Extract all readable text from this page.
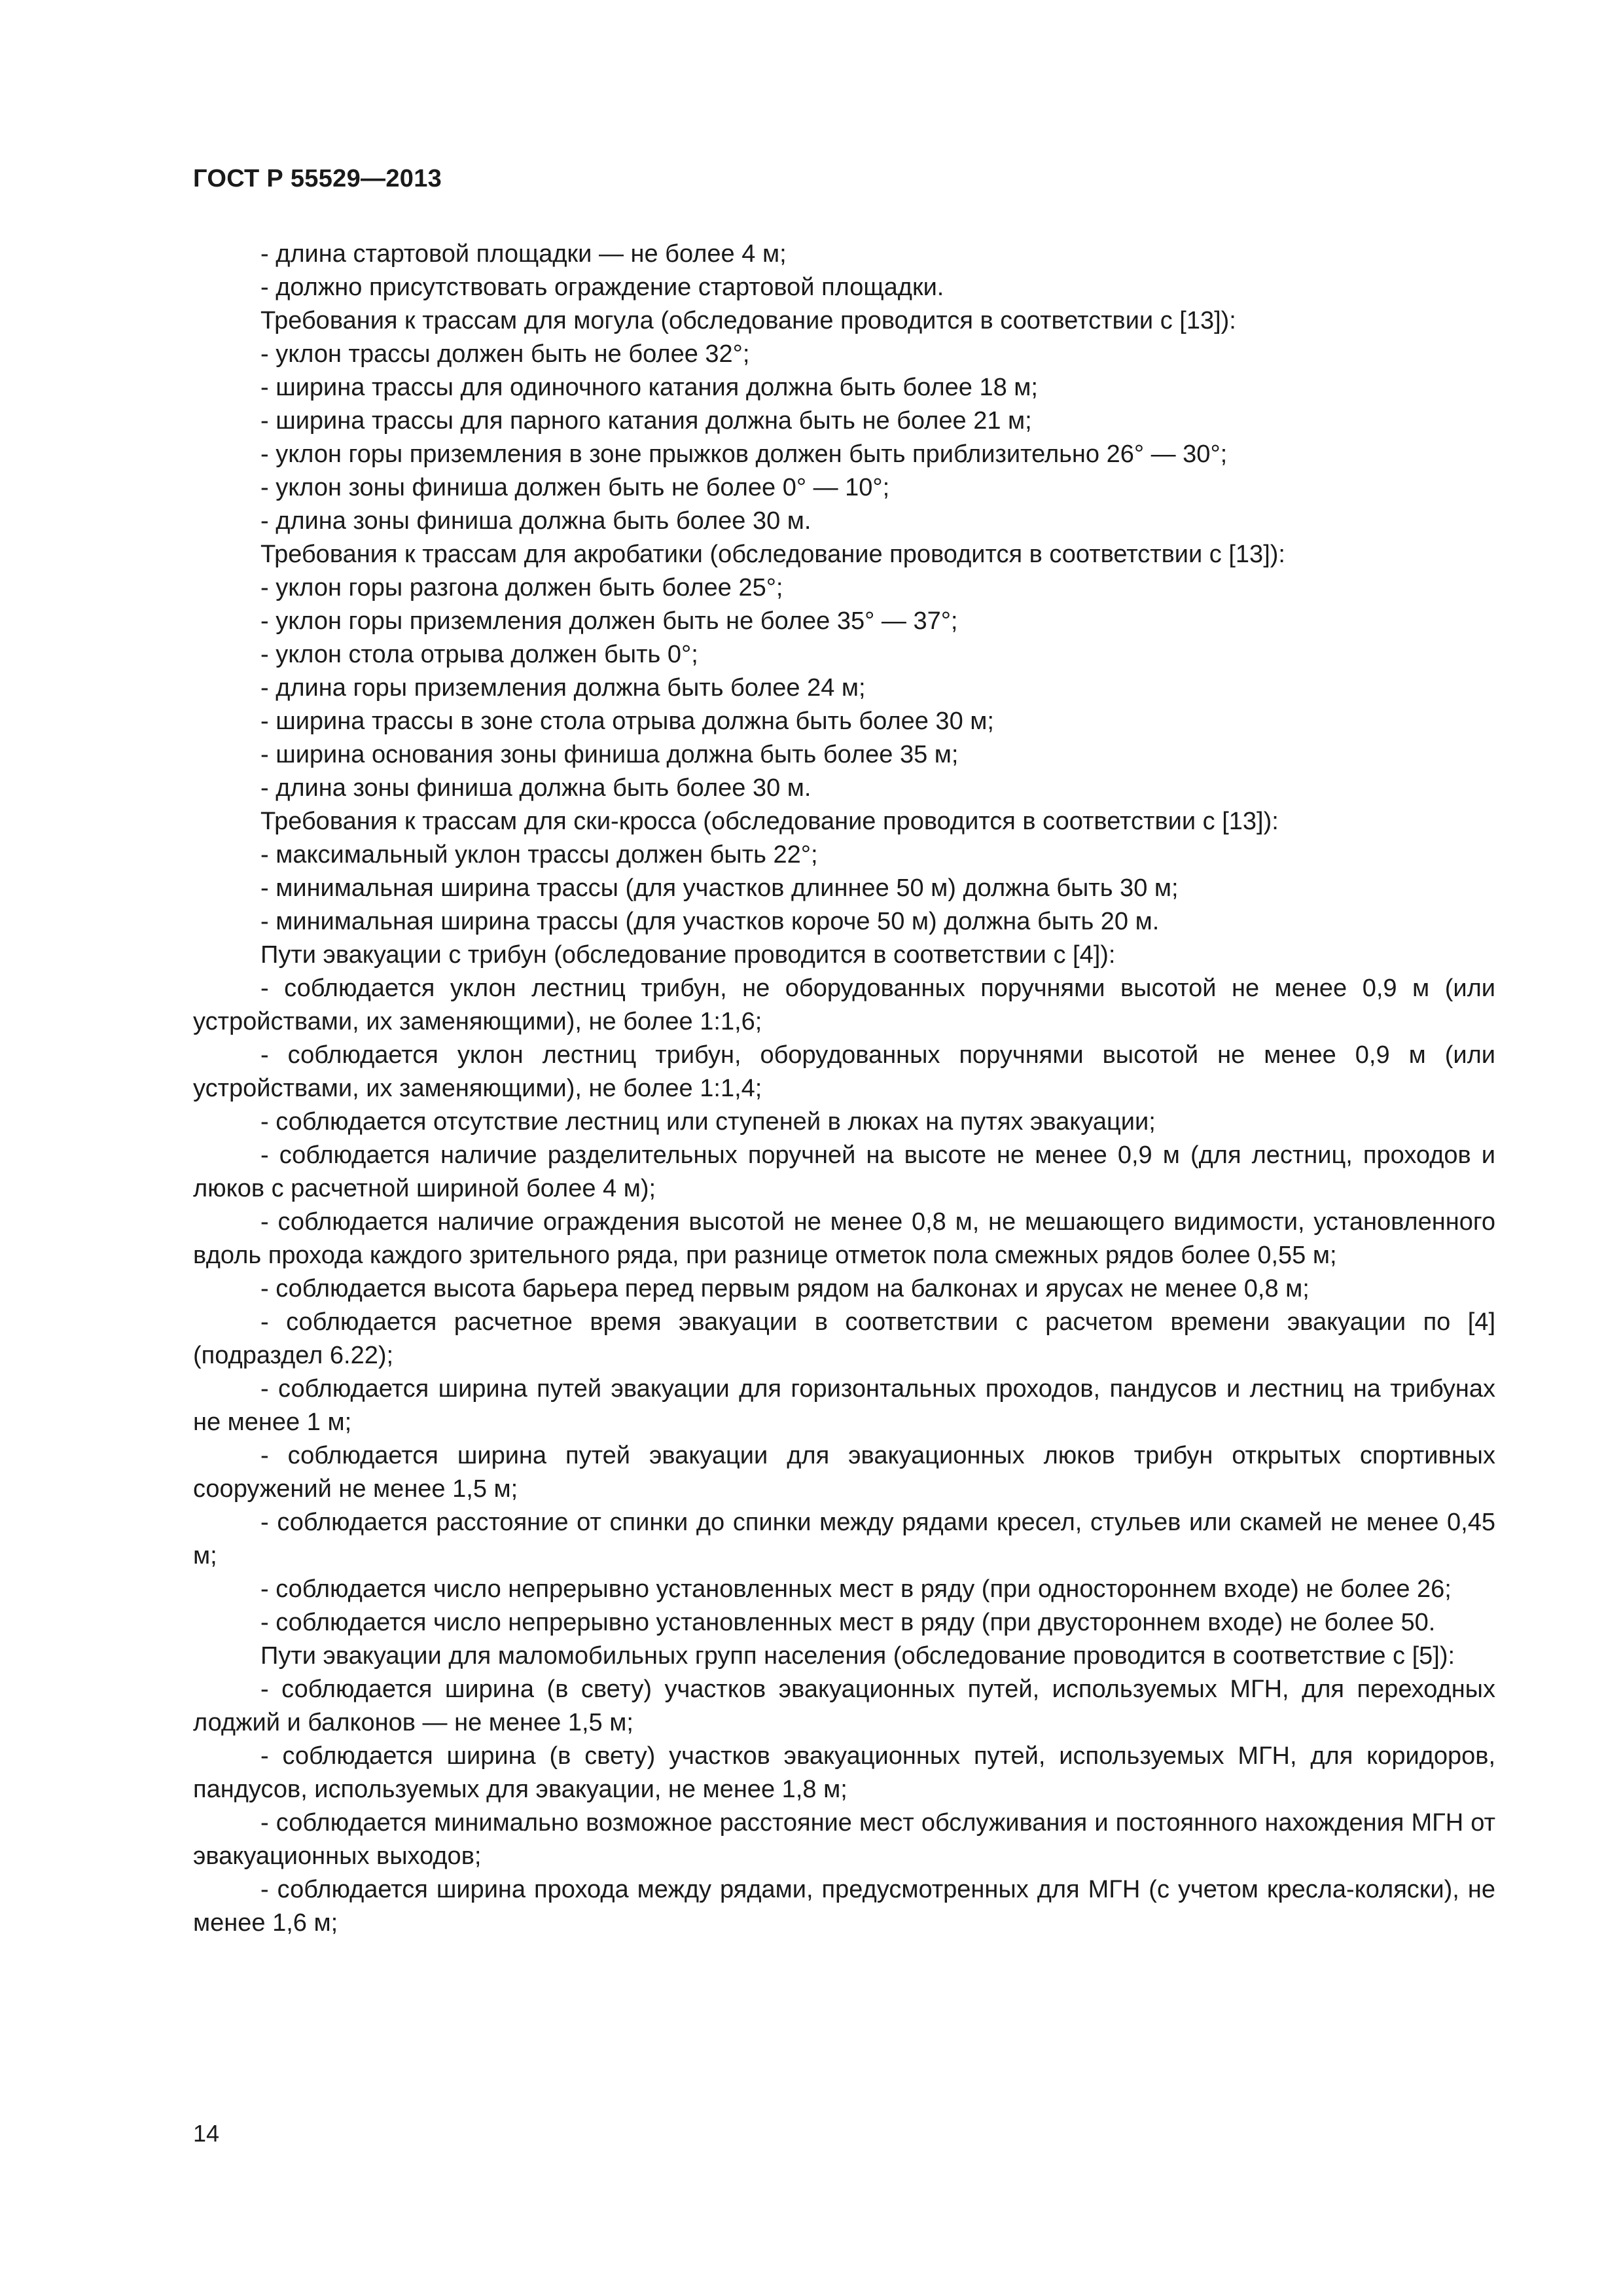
ГОСТ Р 55529—2013

- длина стартовой площадки — не более 4 м;

- должно присутствовать ограждение стартовой площадки.

Требования к трассам для могула (обследование проводится в соответствии с [13]):

- уклон трассы должен быть не более 32°;

- ширина трассы для одиночного катания должна быть более 18 м;

- ширина трассы для парного катания должна быть не более 21 м;

- уклон горы приземления в зоне прыжков должен быть приблизительно 26° — 30°;

- уклон зоны финиша должен быть не более 0° — 10°;

- длина зоны финиша должна быть более 30 м.

Требования к трассам для акробатики (обследование проводится в соответствии с [13]):

- уклон горы разгона должен быть более 25°;

- уклон горы приземления должен быть не более 35° — 37°;

- уклон стола отрыва должен быть 0°;

- длина горы приземления должна быть более 24 м;

- ширина трассы в зоне стола отрыва должна быть более 30 м;

- ширина основания зоны финиша должна быть более 35 м;

- длина зоны финиша должна быть более 30 м.

Требования к трассам для ски-кросса (обследование проводится в соответствии с [13]):

- максимальный уклон трассы должен быть 22°;

- минимальная ширина трассы (для участков длиннее 50 м) должна быть 30 м;

- минимальная ширина трассы (для участков короче 50 м) должна быть 20 м.

Пути эвакуации с трибун (обследование проводится в соответствии с [4]):

- соблюдается уклон лестниц трибун, не оборудованных поручнями высотой не менее 0,9 м (или устройствами, их заменяющими), не более 1:1,6;

- соблюдается уклон лестниц трибун, оборудованных поручнями высотой не менее 0,9 м (или устройствами, их заменяющими), не более 1:1,4;

- соблюдается отсутствие лестниц или ступеней в люках на путях эвакуации;

- соблюдается наличие разделительных поручней на высоте не менее 0,9 м (для лестниц, проходов и люков с расчетной шириной более 4 м);

- соблюдается наличие ограждения высотой не менее 0,8 м, не мешающего видимости, установленного вдоль прохода каждого зрительного ряда, при разнице отметок пола смежных рядов более 0,55 м;

- соблюдается высота барьера перед первым рядом на балконах и ярусах не менее 0,8 м;

- соблюдается расчетное время эвакуации в соответствии с расчетом времени эвакуации по [4] (подраздел 6.22);

- соблюдается ширина путей эвакуации для горизонтальных проходов, пандусов и лестниц на трибунах не менее 1 м;

- соблюдается ширина путей эвакуации для эвакуационных люков трибун открытых спортивных сооружений не менее 1,5 м;

- соблюдается расстояние от спинки до спинки между рядами кресел, стульев или скамей не менее 0,45 м;

- соблюдается число непрерывно установленных мест в ряду (при одностороннем входе) не более 26;

- соблюдается число непрерывно установленных мест в ряду (при двустороннем входе) не более 50.

Пути эвакуации для маломобильных групп населения (обследование проводится в соответствие с [5]):

- соблюдается ширина (в свету) участков эвакуационных путей, используемых МГН, для переходных лоджий и балконов — не менее 1,5 м;

- соблюдается ширина (в свету) участков эвакуационных путей, используемых МГН, для коридоров, пандусов, используемых для эвакуации, не менее 1,8 м;

- соблюдается минимально возможное расстояние мест обслуживания и постоянного нахождения МГН от эвакуационных выходов;

- соблюдается ширина прохода между рядами, предусмотренных для МГН (с учетом кресла-коляски), не менее 1,6 м;

14
